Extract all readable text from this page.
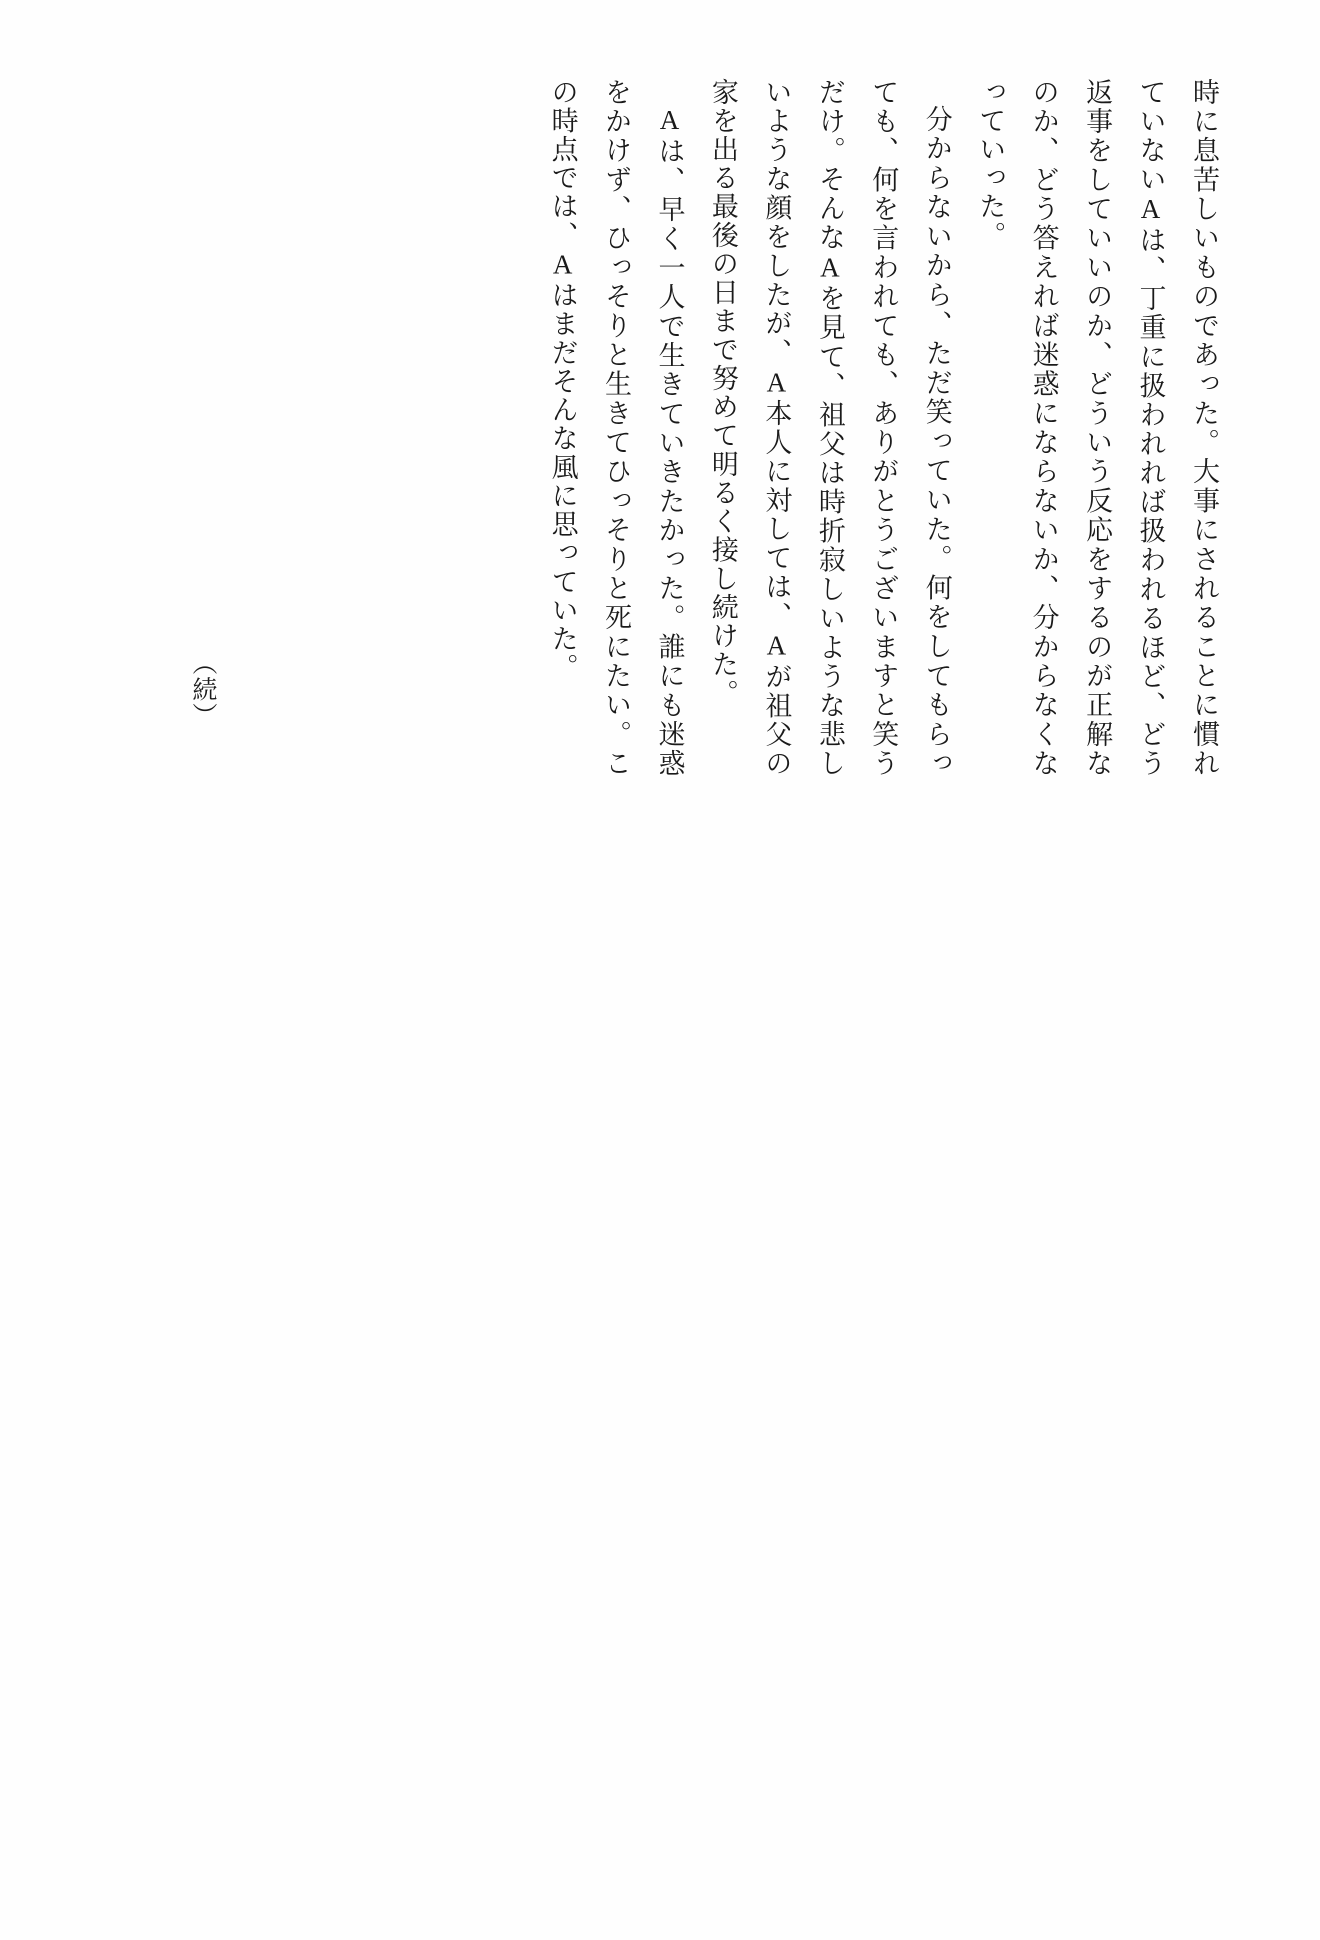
時に息苦しいものであった。大事にされることに慣れていないAは、丁重に扱われれば扱われるほど、どう返事をしていいのか、どういう反応をするのが正解なのか、どう答えれば迷惑にならないか、分からなくなっていった。

分からないから、ただ笑っていた。何をしてもらっても、何を言われても、ありがとうございますと笑うだけ。そんなAを見て、祖父は時折寂しいような悲しいような顔をしたが、A本人に対しては、Aが祖父の家を出る最後の日まで努めて明るく接し続けた。

Aは、早く一人で生きていきたかった。誰にも迷惑をかけず、ひっそりと生きてひっそりと死にたい。この時点では、Aはまだそんな風に思っていた。

（続）
